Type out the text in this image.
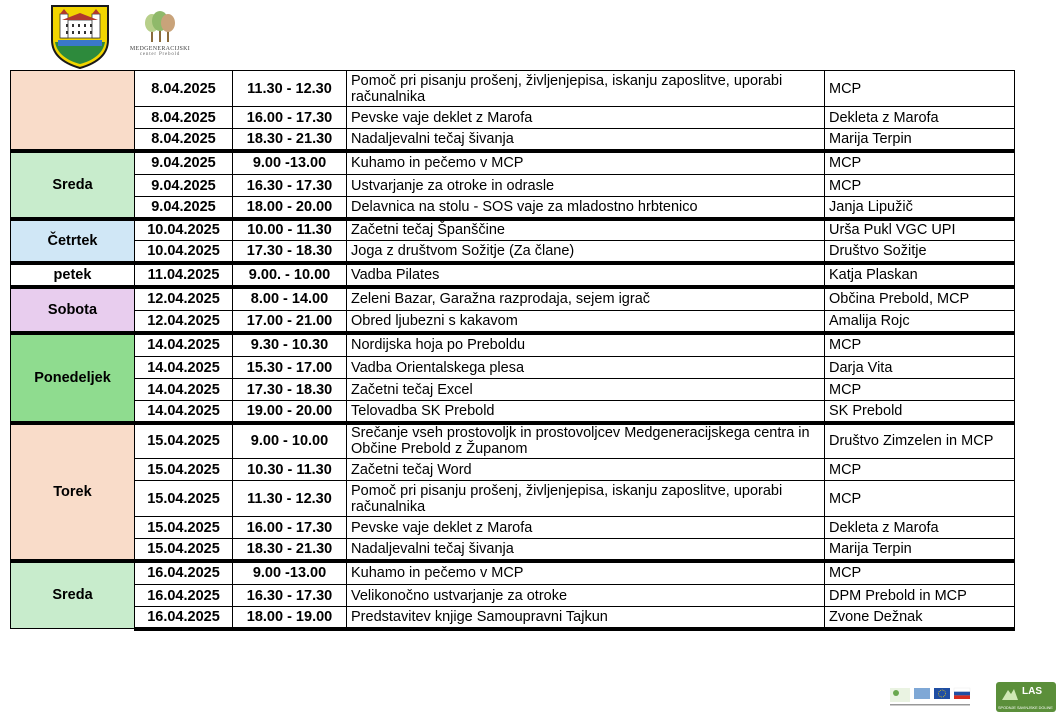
MEDGENERACIJSKI
center Prebold
	8.04.2025	11.30 - 12.30	Pomoč pri pisanju prošenj, življenjepisa, iskanju zaposlitve, uporabi računalnika	MCP
	8.04.2025	16.00 - 17.30	Pevske vaje deklet z Marofa	Dekleta z Marofa
	8.04.2025	18.30 - 21.30	Nadaljevalni tečaj šivanja	Marija Terpin
Sreda	9.04.2025	9.00 -13.00	Kuhamo in pečemo v MCP	MCP
	9.04.2025	16.30 - 17.30	Ustvarjanje za otroke in odrasle	MCP
	9.04.2025	18.00 - 20.00	Delavnica na stolu - SOS vaje za mladostno hrbtenico	Janja Lipužič
Četrtek	10.04.2025	10.00 - 11.30	Začetni tečaj Španščine	Urša Pukl VGC UPI
	10.04.2025	17.30 - 18.30	Joga z društvom Sožitje (Za člane)	Društvo Sožitje
petek	11.04.2025	9.00. - 10.00	Vadba Pilates	Katja Plaskan
Sobota	12.04.2025	8.00 - 14.00	Zeleni Bazar, Garažna razprodaja, sejem igrač	Občina Prebold, MCP
	12.04.2025	17.00 - 21.00	Obred ljubezni s kakavom	Amalija Rojc
Ponedeljek	14.04.2025	9.30 - 10.30	Nordijska hoja po Preboldu	MCP
	14.04.2025	15.30 - 17.00	Vadba Orientalskega plesa	Darja Vita
	14.04.2025	17.30 - 18.30	Začetni tečaj Excel	MCP
	14.04.2025	19.00 - 20.00	Telovadba SK Prebold	SK Prebold
Torek	15.04.2025	9.00 - 10.00	Srečanje vseh prostovoljk in prostovoljcev Medgeneracijskega centra in Občine Prebold z Županom	Društvo Zimzelen in MCP
	15.04.2025	10.30 - 11.30	Začetni tečaj Word	MCP
	15.04.2025	11.30 - 12.30	Pomoč pri pisanju prošenj, življenjepisa, iskanju zaposlitve, uporabi računalnika	MCP
	15.04.2025	16.00 - 17.30	Pevske vaje deklet z Marofa	Dekleta z Marofa
	15.04.2025	18.30 - 21.30	Nadaljevalni tečaj šivanja	Marija Terpin
Sreda	16.04.2025	9.00 -13.00	Kuhamo in pečemo v MCP	MCP
	16.04.2025	16.30 - 17.30	Velikonočno ustvarjanje za otroke	DPM Prebold in MCP
	16.04.2025	18.00 - 19.00	Predstavitev knjige Samoupravni Tajkun	Zvone Dežnak
LAS
SPODNJE SAVINJSKE DOLINE
